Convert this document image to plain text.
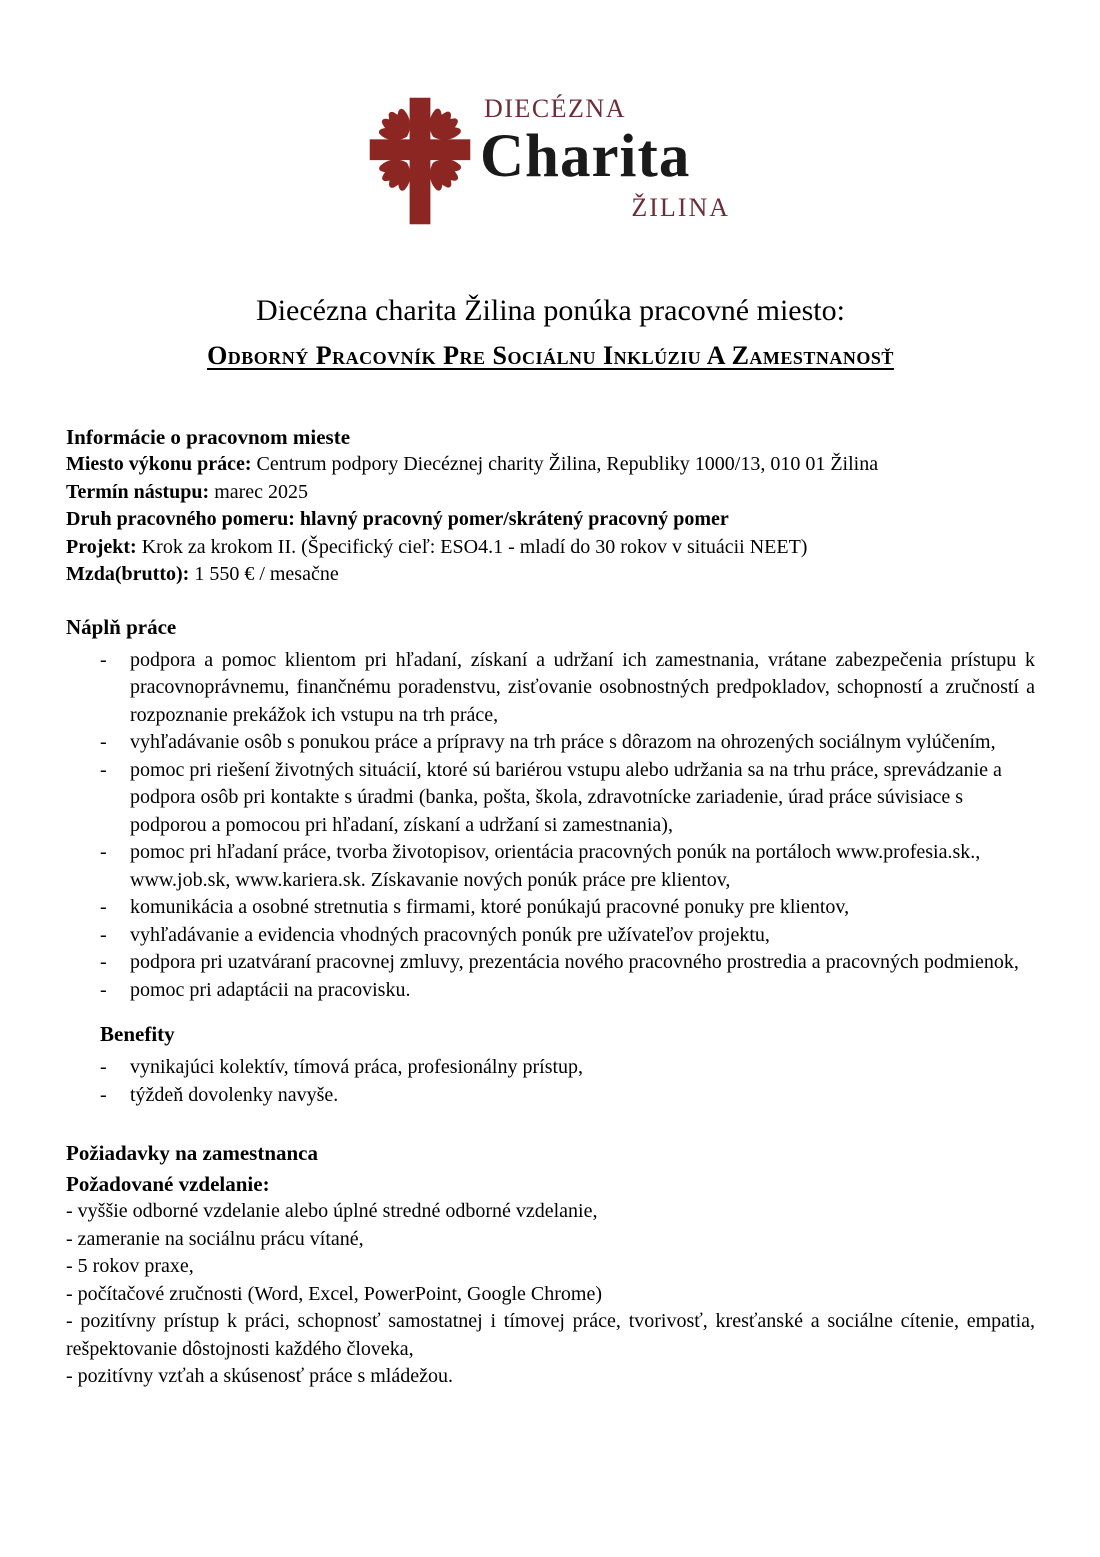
DIECÉZNA
Charita
ŽILINA
Diecézna charita Žilina ponúka pracovné miesto:
Odborný Pracovník Pre Sociálnu Inklúziu A Zamestnanosť
Informácie o pracovnom mieste

Miesto výkonu práce: Centrum podpory Diecéznej charity Žilina, Republiky 1000/13, 010 01 Žilina

Termín nástupu: marec 2025

Druh pracovného pomeru: hlavný pracovný pomer/skrátený pracovný pomer

Projekt: Krok za krokom II. (Špecifický cieľ: ESO4.1 - mladí do 30 rokov v situácii NEET)

Mzda(brutto): 1 550 € / mesačne

Náplň práce
-	podpora a pomoc klientom pri hľadaní, získaní a udržaní ich zamestnania, vrátane zabezpečenia prístupu k pracovnoprávnemu, finančnému poradenstvu, zisťovanie osobnostných predpokladov, schopností a zručností a rozpoznanie prekážok ich vstupu na trh práce,
-	vyhľadávanie osôb s ponukou práce a prípravy na trh práce s dôrazom na ohrozených sociálnym vylúčením,
-	pomoc pri riešení životných situácií, ktoré sú bariérou vstupu alebo udržania sa na trhu práce, sprevádzanie a podpora osôb pri kontakte s úradmi (banka, pošta, škola, zdravotnícke zariadenie, úrad práce súvisiace s podporou a pomocou pri hľadaní, získaní a udržaní si zamestnania),
-	pomoc pri hľadaní práce, tvorba životopisov, orientácia pracovných ponúk na portáloch www.profesia.sk., www.job.sk, www.kariera.sk. Získavanie nových ponúk práce pre klientov,
-	komunikácia a osobné stretnutia s firmami, ktoré ponúkajú pracovné ponuky pre klientov,
-	vyhľadávanie a evidencia vhodných pracovných ponúk pre užívateľov projektu,
-	podpora pri uzatváraní pracovnej zmluvy, prezentácia nového pracovného prostredia a pracovných podmienok,
-	pomoc pri adaptácii na pracovisku.
Benefity
-	vynikajúci kolektív, tímová práca, profesionálny prístup,
-	týždeň dovolenky navyše.
Požiadavky na zamestnanca
Požadované vzdelanie:

- vyššie odborné vzdelanie alebo úplné stredné odborné vzdelanie,

- zameranie na sociálnu prácu vítané,

- 5 rokov praxe,

- počítačové zručnosti (Word, Excel, PowerPoint, Google Chrome)

- pozitívny prístup k práci, schopnosť samostatnej i tímovej práce, tvorivosť, kresťanské a sociálne cítenie, empatia, rešpektovanie dôstojnosti každého človeka,

- pozitívny vzťah a skúsenosť práce s mládežou.
